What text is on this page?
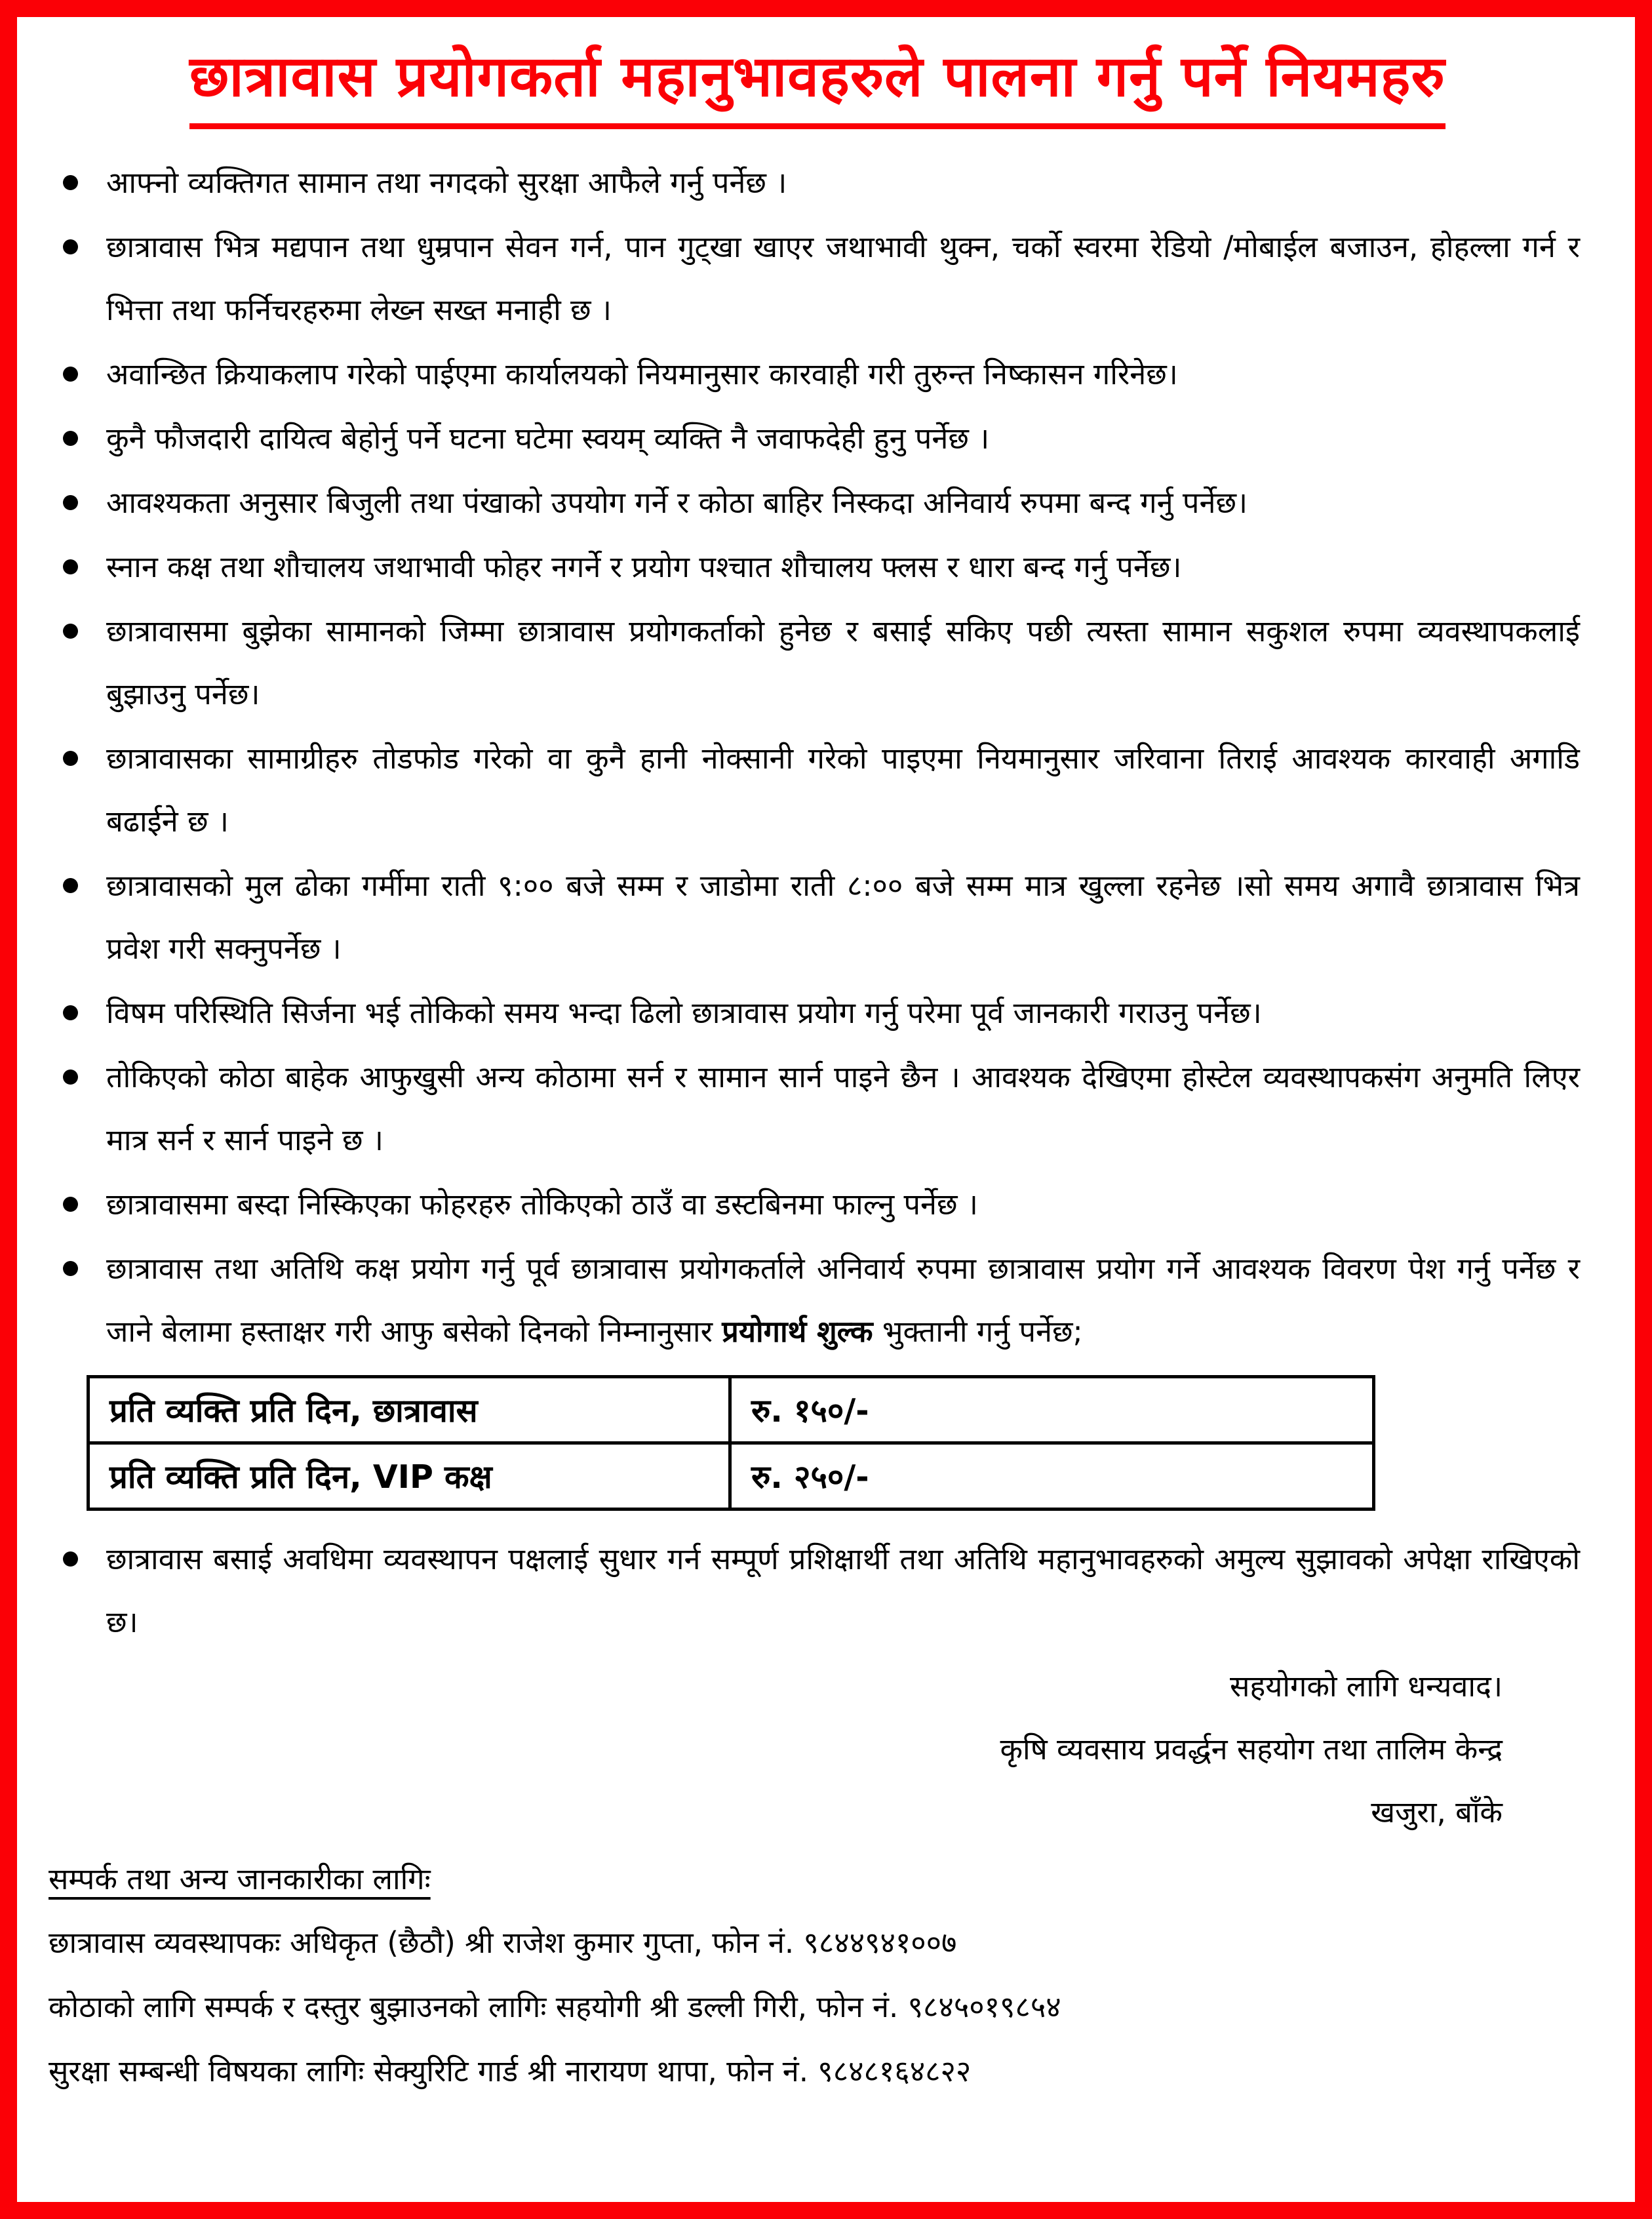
छात्रावास प्रयोगकर्ता महानुभावहरुले पालना गर्नु पर्ने नियमहरु
आफ्नो व्यक्तिगत सामान तथा नगदको सुरक्षा आफैले गर्नु पर्नेछ ।
छात्रावास भित्र मद्यपान तथा धुम्रपान सेवन गर्न, पान गुट्खा खाएर जथाभावी थुक्न, चर्को स्वरमा रेडियो /मोबाईल बजाउन, होहल्ला गर्न र भित्ता तथा फर्निचरहरुमा लेख्न सख्त मनाही छ ।
अवान्छित क्रियाकलाप गरेको पाईएमा कार्यालयको नियमानुसार कारवाही गरी तुरुन्त निष्कासन गरिनेछ।
कुनै फौजदारी दायित्व बेहोर्नु पर्ने घटना घटेमा स्वयम् व्यक्ति नै जवाफदेही हुनु पर्नेछ ।
आवश्यकता अनुसार बिजुली तथा पंखाको उपयोग गर्ने र कोठा बाहिर निस्कदा अनिवार्य रुपमा बन्द गर्नु पर्नेछ।
स्नान कक्ष तथा शौचालय जथाभावी फोहर नगर्ने र प्रयोग पश्चात शौचालय फ्लस र धारा बन्द गर्नु पर्नेछ।
छात्रावासमा बुझेका सामानको जिम्मा छात्रावास प्रयोगकर्ताको हुनेछ र बसाई सकिए पछी त्यस्ता सामान सकुशल रुपमा व्यवस्थापकलाई बुझाउनु पर्नेछ।
छात्रावासका सामाग्रीहरु तोडफोड गरेको वा कुनै हानी नोक्सानी गरेको पाइएमा नियमानुसार जरिवाना तिराई आवश्यक कारवाही अगाडि बढाईने छ ।
छात्रावासको मुल ढोका गर्मीमा राती ९:०० बजे सम्म र जाडोमा राती ८:०० बजे सम्म मात्र खुल्ला रहनेछ ।सो समय अगावै छात्रावास भित्र प्रवेश गरी सक्नुपर्नेछ ।
विषम परिस्थिति सिर्जना भई तोकिको समय भन्दा ढिलो छात्रावास प्रयोग गर्नु परेमा पूर्व जानकारी गराउनु पर्नेछ।
तोकिएको कोठा बाहेक आफुखुसी अन्य कोठामा सर्न र सामान सार्न पाइने छैन । आवश्यक देखिएमा होस्टेल व्यवस्थापकसंग अनुमति लिएर मात्र सर्न र सार्न पाइने छ ।
छात्रावासमा बस्दा निस्किएका फोहरहरु तोकिएको ठाउँ वा डस्टबिनमा फाल्नु पर्नेछ ।
छात्रावास तथा अतिथि कक्ष प्रयोग गर्नु पूर्व छात्रावास प्रयोगकर्ताले अनिवार्य रुपमा छात्रावास प्रयोग गर्ने आवश्यक विवरण पेश गर्नु पर्नेछ र जाने बेलामा हस्ताक्षर गरी आफु बसेको दिनको निम्नानुसार प्रयोगार्थ शुल्क भुक्तानी गर्नु पर्नेछ;
प्रति व्यक्ति प्रति दिन, छात्रावास	रु. १५०/-
प्रति व्यक्ति प्रति दिन, VIP कक्ष	रु. २५०/-
छात्रावास बसाई अवधिमा व्यवस्थापन पक्षलाई सुधार गर्न सम्पूर्ण प्रशिक्षार्थी तथा अतिथि महानुभावहरुको अमुल्य सुझावको अपेक्षा राखिएको छ।
सहयोगको लागि धन्यवाद।
कृषि व्यवसाय प्रवर्द्धन सहयोग तथा तालिम केन्द्र
खजुरा, बाँके
सम्पर्क तथा अन्य जानकारीका लागिः
छात्रावास व्यवस्थापकः अधिकृत (छैठौ) श्री राजेश कुमार गुप्ता, फोन नं. ९८४४९४१००७
कोठाको लागि सम्पर्क र दस्तुर बुझाउनको लागिः सहयोगी श्री डल्ली गिरी, फोन नं. ९८४५०१९८५४
सुरक्षा सम्बन्धी विषयका लागिः सेक्युरिटि गार्ड श्री नारायण थापा, फोन नं. ९८४८१६४८२२
